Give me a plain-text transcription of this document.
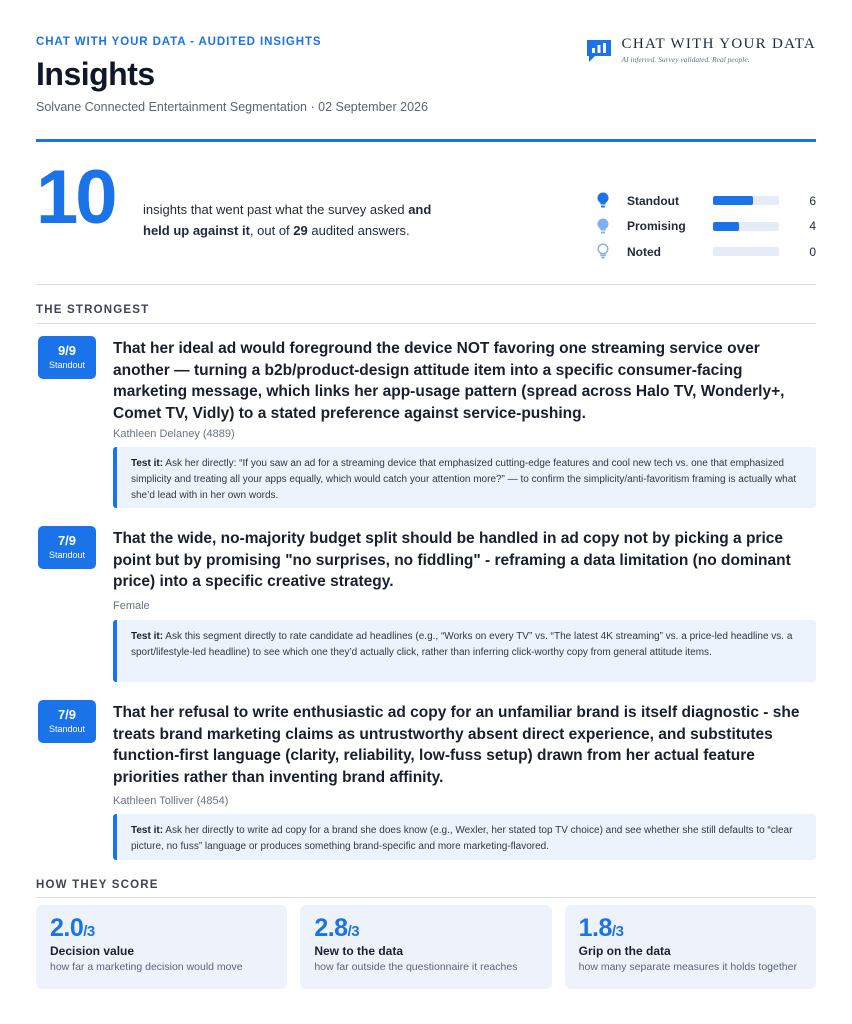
CHAT WITH YOUR DATA - AUDITED INSIGHTS
Insights
Solvane Connected Entertainment Segmentation · 02 September 2026
CHAT WITH YOUR DATA
AI inferred. Survey validated. Real people.
10 insights that went past what the survey asked and held up against it, out of 29 audited answers.
Standout	6
Promising	4
Noted	0
THE STRONGEST
9/9
Standout
That her ideal ad would foreground the device NOT favoring one streaming service over another — turning a b2b/product-design attitude item into a specific consumer-facing marketing message, which links her app-usage pattern (spread across Halo TV, Wonderly+, Comet TV, Vidly) to a stated preference against service-pushing.
Kathleen Delaney (4889)
Test it: Ask her directly: “If you saw an ad for a streaming device that emphasized cutting-edge features and cool new tech vs. one that emphasized simplicity and treating all your apps equally, which would catch your attention more?” — to confirm the simplicity/anti-favoritism framing is actually what she’d lead with in her own words.
7/9
Standout
That the wide, no-majority budget split should be handled in ad copy not by picking a price point but by promising "no surprises, no fiddling" - reframing a data limitation (no dominant price) into a specific creative strategy.
Female
Test it: Ask this segment directly to rate candidate ad headlines (e.g., “Works on every TV” vs. “The latest 4K streaming” vs. a price-led headline vs. a sport/lifestyle-led headline) to see which one they’d actually click, rather than inferring click-worthy copy from general attitude items.
7/9
Standout
That her refusal to write enthusiastic ad copy for an unfamiliar brand is itself diagnostic - she treats brand marketing claims as untrustworthy absent direct experience, and substitutes function-first language (clarity, reliability, low-fuss setup) drawn from her actual feature priorities rather than inventing brand affinity.
Kathleen Tolliver (4854)
Test it: Ask her directly to write ad copy for a brand she does know (e.g., Wexler, her stated top TV choice) and see whether she still defaults to “clear picture, no fuss” language or produces something brand-specific and more marketing-flavored.
HOW THEY SCORE
2.0/3
Decision value
how far a marketing decision would move
2.8/3
New to the data
how far outside the questionnaire it reaches
1.8/3
Grip on the data
how many separate measures it holds together
